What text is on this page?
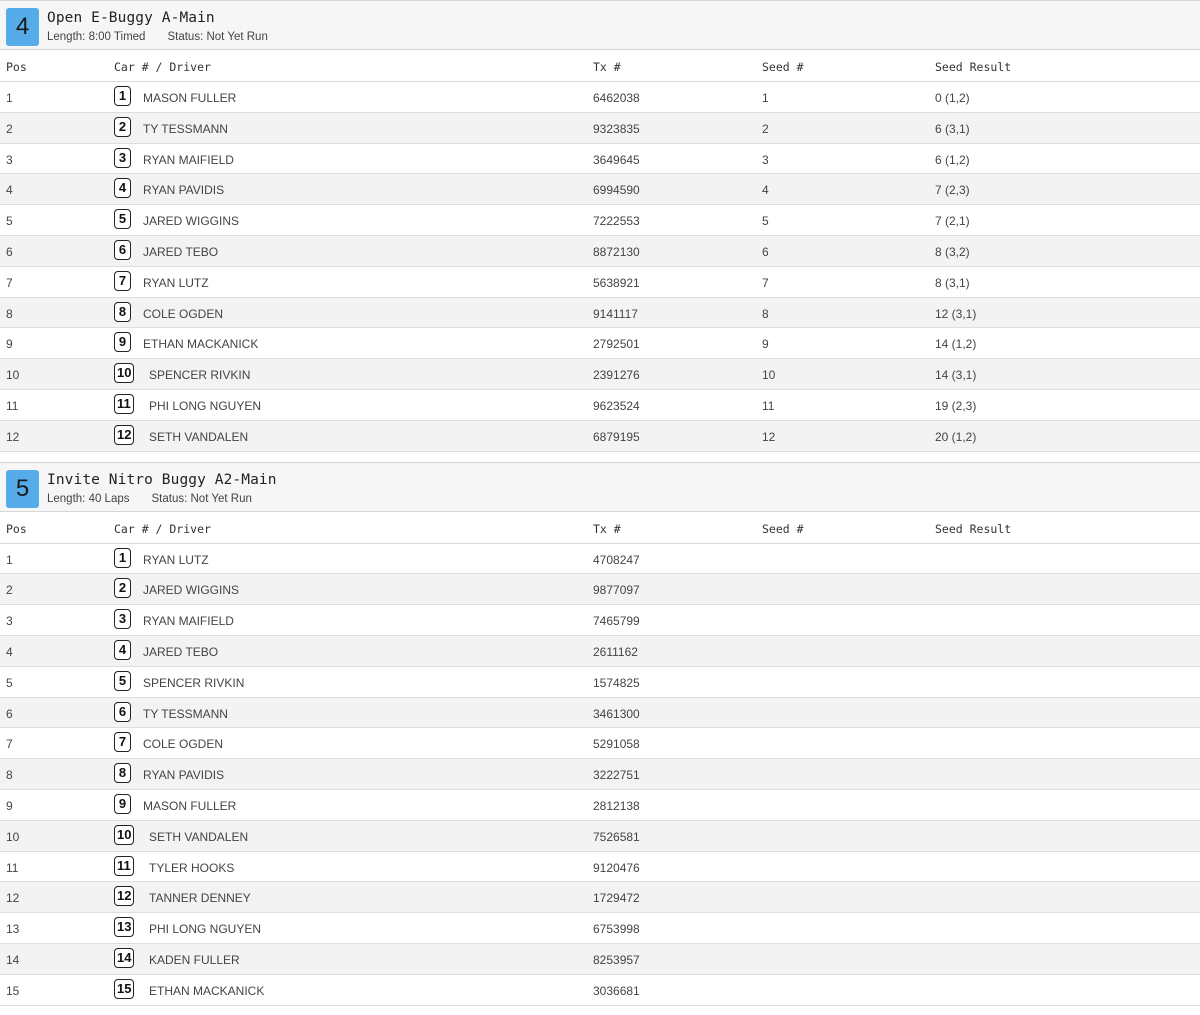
4	Open E-Buggy A-Main
Length: 8:00 Timed Status: Not Yet Run
Pos	Car # / Driver	Tx #	Seed #	Seed Result
1	1	MASON FULLER	6462038	1	0 (1,2)
2	2	TY TESSMANN	9323835	2	6 (3,1)
3	3	RYAN MAIFIELD	3649645	3	6 (1,2)
4	4	RYAN PAVIDIS	6994590	4	7 (2,3)
5	5	JARED WIGGINS	7222553	5	7 (2,1)
6	6	JARED TEBO	8872130	6	8 (3,2)
7	7	RYAN LUTZ	5638921	7	8 (3,1)
8	8	COLE OGDEN	9141117	8	12 (3,1)
9	9	ETHAN MACKANICK	2792501	9	14 (1,2)
10	10 SPENCER RIVKIN	2391276	10	14 (3,1)
11	11 PHI LONG NGUYEN	9623524	11	19 (2,3)
12	12 SETH VANDALEN	6879195	12	20 (1,2)
5	Invite Nitro Buggy A2-Main
Length: 40 Laps Status: Not Yet Run
Pos	Car # / Driver	Tx #	Seed #	Seed Result
1	1	RYAN LUTZ	4708247
2	2	JARED WIGGINS	9877097
3	3	RYAN MAIFIELD	7465799
4	4	JARED TEBO	2611162
5	5	SPENCER RIVKIN	1574825
6	6	TY TESSMANN	3461300
7	7	COLE OGDEN	5291058
8	8	RYAN PAVIDIS	3222751
9	9	MASON FULLER	2812138
10	10 SETH VANDALEN	7526581
11	11 TYLER HOOKS	9120476
12	12 TANNER DENNEY	1729472
13	13 PHI LONG NGUYEN	6753998
14	14 KADEN FULLER	8253957
15	15 ETHAN MACKANICK	3036681
